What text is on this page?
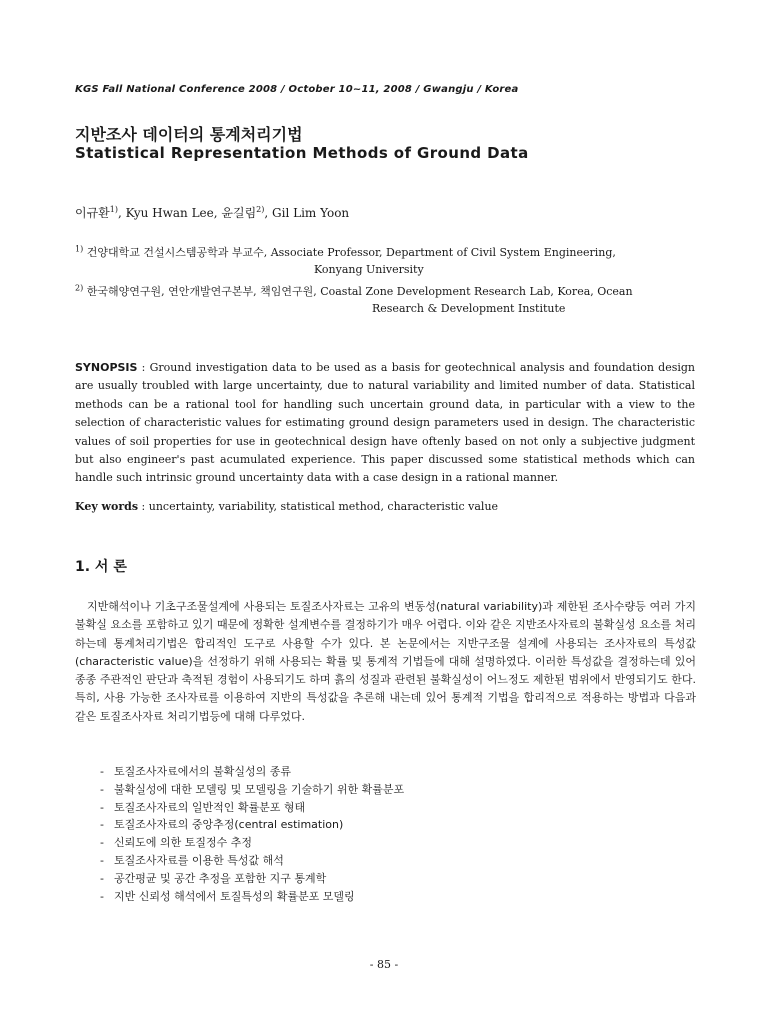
KGS Fall National Conference 2008 / October 10~11, 2008 / Gwangju / Korea
지반조사 데이터의 통계처리기법
Statistical Representation Methods of Ground Data
이규환$^{1)}$, Kyu Hwan Lee, 윤길림$^{2)}$, Gil Lim Yoon
$^{1)}$ 건양대학교 건설시스템공학과 부교수, Associate Professor, Department of Civil System Engineering,
Konyang University
$^{2)}$ 한국해양연구원, 연안개발연구본부, 책임연구원, Coastal Zone Development Research Lab, Korea, Ocean
Research & Development Institute
SYNOPSIS : Ground investigation data to be used as a basis for geotechnical analysis and foundation design are usually troubled with large uncertainty, due to natural variability and limited number of data. Statistical methods can be a rational tool for handling such uncertain ground data, in particular with a view to the selection of characteristic values for estimating ground design parameters used in design. The characteristic values of soil properties for use in geotechnical design have oftenly based on not only a subjective judgment but also engineer's past acumulated experience. This paper discussed some statistical methods which can handle such intrinsic ground uncertainty data with a case design in a rational manner.
Key words : uncertainty, variability, statistical method, characteristic value
1. 서 론
지반해석이나 기초구조물설계에 사용되는 토질조사자료는 고유의 변동성(natural variability)과 제한된 조사수량등 여러 가지 불확실 요소를 포함하고 있기 때문에 정확한 설계변수를 결정하기가 매우 어렵다. 이와 같은 지반조사자료의 불확실성 요소를 처리하는데 통계처리기법은 합리적인 도구로 사용할 수가 있다. 본 논문에서는 지반구조물 설계에 사용되는 조사자료의 특성값(characteristic value)을 선정하기 위해 사용되는 확률 및 통계적 기법들에 대해 설명하였다. 이러한 특성값을 결정하는데 있어 종종 주관적인 판단과 축적된 경험이 사용되기도 하며 흙의 성질과 관련된 불확실성이 어느정도 제한된 범위에서 반영되기도 한다. 특히, 사용 가능한 조사자료를 이용하여 지반의 특성값을 추론해 내는데 있어 통계적 기법을 합리적으로 적용하는 방법과 다음과 같은 토질조사자료 처리기법등에 대해 다루었다.
- 토질조사자료에서의 불확실성의 종류
- 불확실성에 대한 모델링 및 모델링을 기술하기 위한 확률분포
- 토질조사자료의 일반적인 확률분포 형태
- 토질조사자료의 중앙추정(central estimation)
- 신뢰도에 의한 토질정수 추정
- 토질조사자료를 이용한 특성값 해석
- 공간평균 및 공간 추정을 포함한 지구 통계학
- 지반 신뢰성 해석에서 토질특성의 확률분포 모델링
- 85 -
